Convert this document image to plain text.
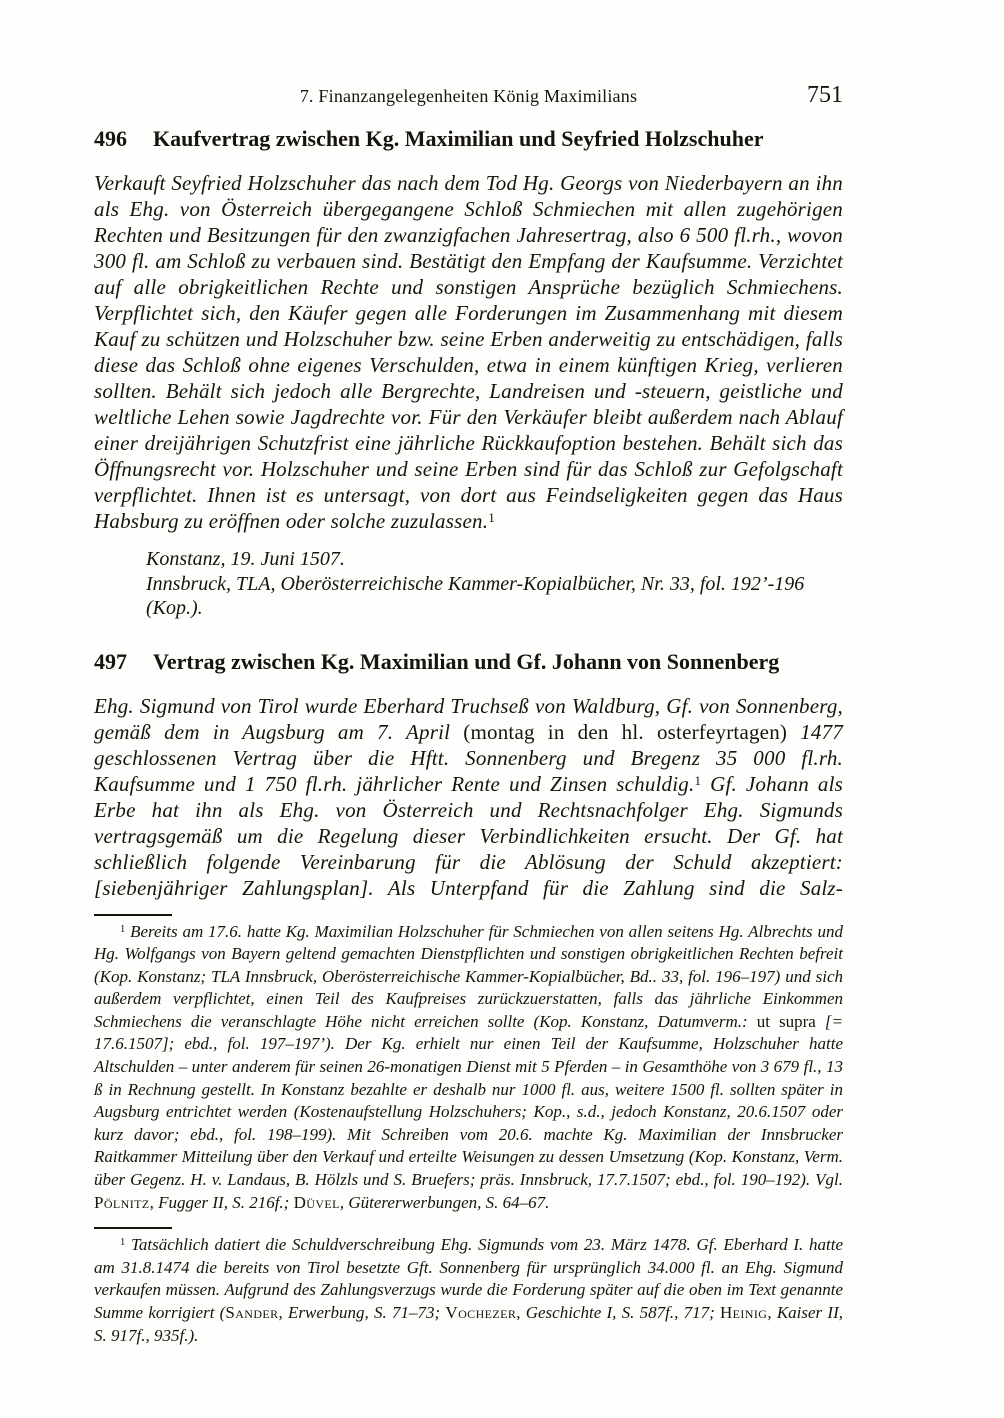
7. Finanzangelegenheiten König Maximilians	751
496	Kaufvertrag zwischen Kg. Maximilian und Seyfried Holzschuher

Verkauft Seyfried Holzschuher das nach dem Tod Hg. Georgs von Niederbayern an ihn als Ehg. von Österreich übergegangene Schloß Schmiechen mit allen zugehörigen Rechten und Besitzungen für den zwanzigfachen Jahresertrag, also 6 500 fl.rh., wovon 300 fl. am Schloß zu verbauen sind. Bestätigt den Empfang der Kaufsumme. Verzichtet auf alle obrigkeitlichen Rechte und sonstigen Ansprüche bezüglich Schmiechens. Verpflichtet sich, den Käufer gegen alle Forderungen im Zusammenhang mit diesem Kauf zu schützen und Holzschuher bzw. seine Erben anderweitig zu entschädigen, falls diese das Schloß ohne eigenes Verschulden, etwa in einem künftigen Krieg, verlieren sollten. Behält sich jedoch alle Bergrechte, Landreisen und -steuern, geistliche und weltliche Lehen sowie Jagdrechte vor. Für den Verkäufer bleibt außerdem nach Ablauf einer dreijährigen Schutzfrist eine jährliche Rückkaufoption bestehen. Behält sich das Öffnungsrecht vor. Holzschuher und seine Erben sind für das Schloß zur Gefolgschaft verpflichtet. Ihnen ist es untersagt, von dort aus Feindseligkeiten gegen das Haus Habsburg zu eröffnen oder solche zuzulassen.$^1$

Konstanz, 19. Juni 1507.
Innsbruck, TLA, Oberösterreichische Kammer-Kopialbücher, Nr. 33, fol. 192’-196 (Kop.).
497	Vertrag zwischen Kg. Maximilian und Gf. Johann von Sonnenberg

Ehg. Sigmund von Tirol wurde Eberhard Truchseß von Waldburg, Gf. von Sonnenberg, gemäß dem in Augsburg am 7. April (montag in den hl. osterfeyrtagen) 1477 geschlossenen Vertrag über die Hftt. Sonnenberg und Bregenz 35 000 fl.rh. Kaufsumme und 1 750 fl.rh. jährlicher Rente und Zinsen schuldig.$^1$ Gf. Johann als Erbe hat ihn als Ehg. von Österreich und Rechtsnachfolger Ehg. Sigmunds vertragsgemäß um die Regelung dieser Verbindlichkeiten ersucht. Der Gf. hat schließlich folgende Vereinbarung für die Ablösung der Schuld akzeptiert: [siebenjähriger Zahlungsplan]. Als Unterpfand für die Zahlung sind die Salz-

$^1$ Bereits am 17.6. hatte Kg. Maximilian Holzschuher für Schmiechen von allen seitens Hg. Albrechts und Hg. Wolfgangs von Bayern geltend gemachten Dienstpflichten und sonstigen obrigkeitlichen Rechten befreit (Kop. Konstanz; TLA Innsbruck, Oberösterreichische Kammer-Kopialbücher, Bd.. 33, fol. 196–197) und sich außerdem verpflichtet, einen Teil des Kaufpreises zurückzuerstatten, falls das jährliche Einkommen Schmiechens die veranschlagte Höhe nicht erreichen sollte (Kop. Konstanz, Datumverm.: ut supra [= 17.6.1507]; ebd., fol. 197–197’). Der Kg. erhielt nur einen Teil der Kaufsumme, Holzschuher hatte Altschulden – unter anderem für seinen 26-monatigen Dienst mit 5 Pferden – in Gesamthöhe von 3 679 fl., 13 ß in Rechnung gestellt. In Konstanz bezahlte er deshalb nur 1000 fl. aus, weitere 1500 fl. sollten später in Augsburg entrichtet werden (Kostenaufstellung Holzschuhers; Kop., s.d., jedoch Konstanz, 20.6.1507 oder kurz davor; ebd., fol. 198–199). Mit Schreiben vom 20.6. machte Kg. Maximilian der Innsbrucker Raitkammer Mitteilung über den Verkauf und erteilte Weisungen zu dessen Umsetzung (Kop. Konstanz, Verm. über Gegenz. H. v. Landaus, B. Hölzls und S. Bruefers; präs. Innsbruck, 17.7.1507; ebd., fol. 190–192). Vgl. Pölnitz, Fugger II, S. 216f.; Düvel, Gütererwerbungen, S. 64–67.

$^1$ Tatsächlich datiert die Schuldverschreibung Ehg. Sigmunds vom 23. März 1478. Gf. Eberhard I. hatte am 31.8.1474 die bereits von Tirol besetzte Gft. Sonnenberg für ursprünglich 34.000 fl. an Ehg. Sigmund verkaufen müssen. Aufgrund des Zahlungsverzugs wurde die Forderung später auf die oben im Text genannte Summe korrigiert (Sander, Erwerbung, S. 71–73; Vochezer, Geschichte I, S. 587f., 717; Heinig, Kaiser II, S. 917f., 935f.).
